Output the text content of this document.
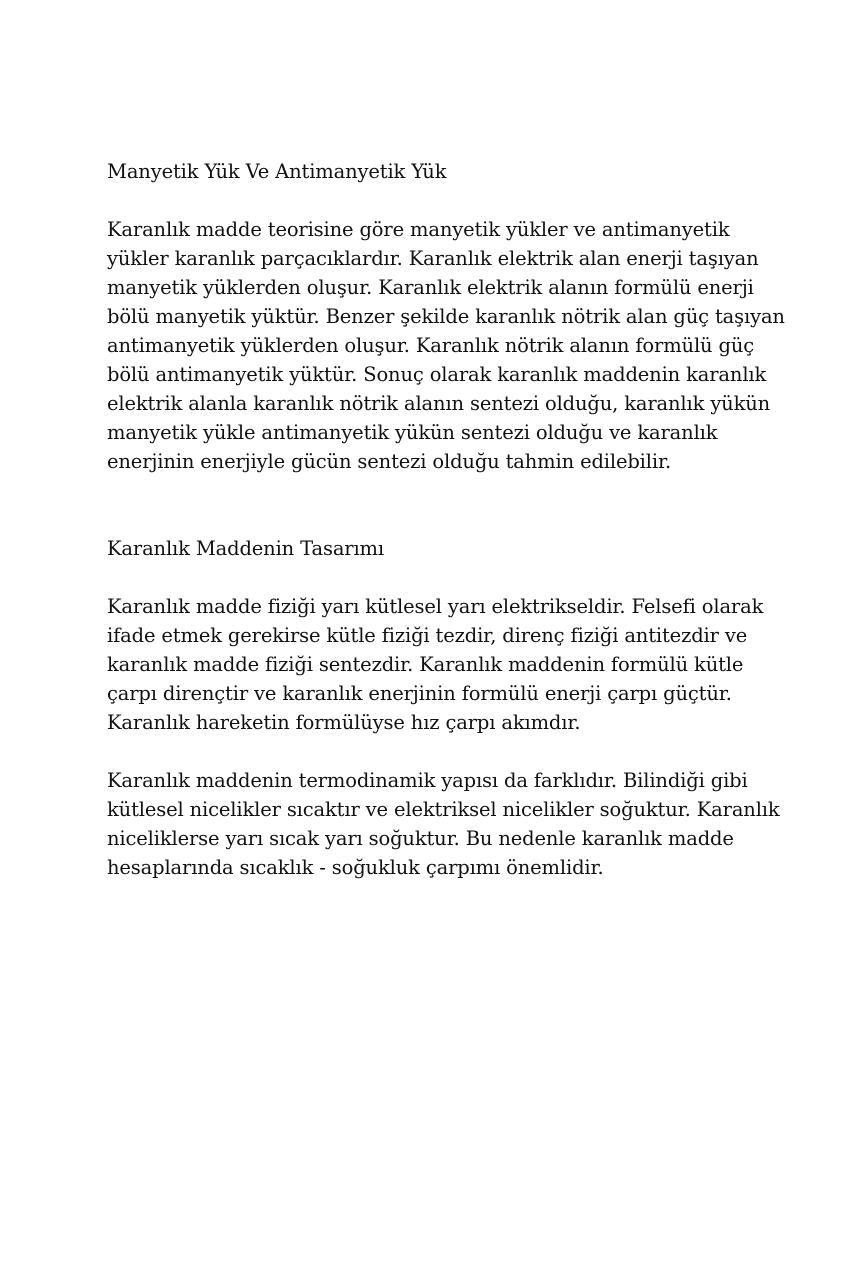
Manyetik Yük Ve Antimanyetik Yük

Karanlık madde teorisine göre manyetik yükler ve antimanyetik
yükler karanlık parçacıklardır. Karanlık elektrik alan enerji taşıyan
manyetik yüklerden oluşur. Karanlık elektrik alanın formülü enerji
bölü manyetik yüktür. Benzer şekilde karanlık nötrik alan güç taşıyan
antimanyetik yüklerden oluşur. Karanlık nötrik alanın formülü güç
bölü antimanyetik yüktür. Sonuç olarak karanlık maddenin karanlık
elektrik alanla karanlık nötrik alanın sentezi olduğu, karanlık yükün
manyetik yükle antimanyetik yükün sentezi olduğu ve karanlık
enerjinin enerjiyle gücün sentezi olduğu tahmin edilebilir.

Karanlık Maddenin Tasarımı

Karanlık madde fiziği yarı kütlesel yarı elektrikseldir. Felsefi olarak
ifade etmek gerekirse kütle fiziği tezdir, direnç fiziği antitezdir ve
karanlık madde fiziği sentezdir. Karanlık maddenin formülü kütle
çarpı dirençtir ve karanlık enerjinin formülü enerji çarpı güçtür.
Karanlık hareketin formülüyse hız çarpı akımdır.

Karanlık maddenin termodinamik yapısı da farklıdır. Bilindiği gibi
kütlesel nicelikler sıcaktır ve elektriksel nicelikler soğuktur. Karanlık
niceliklerse yarı sıcak yarı soğuktur. Bu nedenle karanlık madde
hesaplarında sıcaklık - soğukluk çarpımı önemlidir.
